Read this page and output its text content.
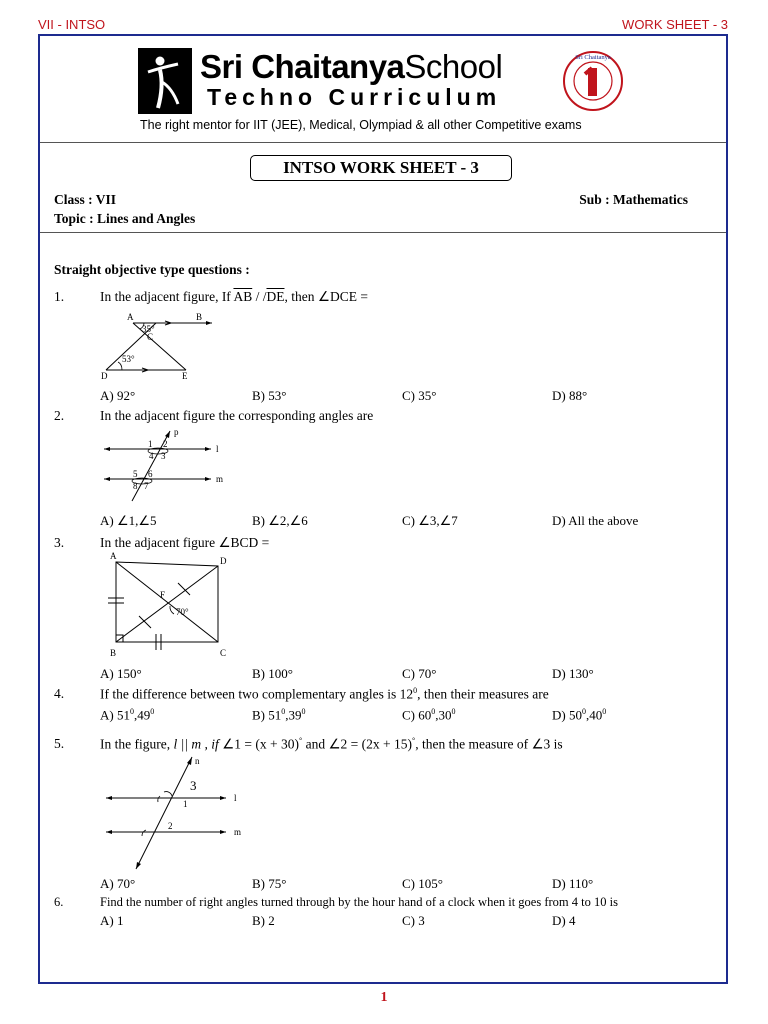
VII - INTSO	WORK SHEET - 3
Sri ChaitanyaSchool
Techno Curriculum
Sri Chaitanya
The right mentor for IIT (JEE), Medical, Olympiad & all other Competitive exams
INTSO WORK SHEET - 3
Class : VII	Sub : Mathematics
Topic : Lines and Angles
Straight objective type questions :
1.	In the adjacent figure, If $\overline{AB} / /\overline{DE}$, then ∠DCE =
A	B
C
D	E
35°
53°
A) 92°	B) 53°	C) 35°	D) 88°
2.	In the adjacent figure the corresponding angles are
p
l
m
1 2
3
4
5 6
7
8
A) ∠1,∠5	B) ∠2,∠6	C) ∠3,∠7	D) All the above
3.	In the adjacent figure ∠BCD =
A	D
B	C
F
70°
A) 150°	B) 100°	C) 70°	D) 130°
4.	If the difference between two complementary angles is $12^0$, then their measures are
A) $51^0,49^0$	B) $51^0,39^0$	C) $60^0,30^0$	D) $50^0,40^0$
5.	In the figure, l || m , if ∠1 = (x + 30)° and ∠2 = (2x + 15)°, then the measure of ∠3 is
n
l
m
3
1
2
A) 70°	B) 75°	C) 105°	D) 110°
6.	Find the number of right angles turned through by the hour hand of a clock when it goes from 4 to 10 is
A) 1	B) 2	C) 3	D) 4
1
